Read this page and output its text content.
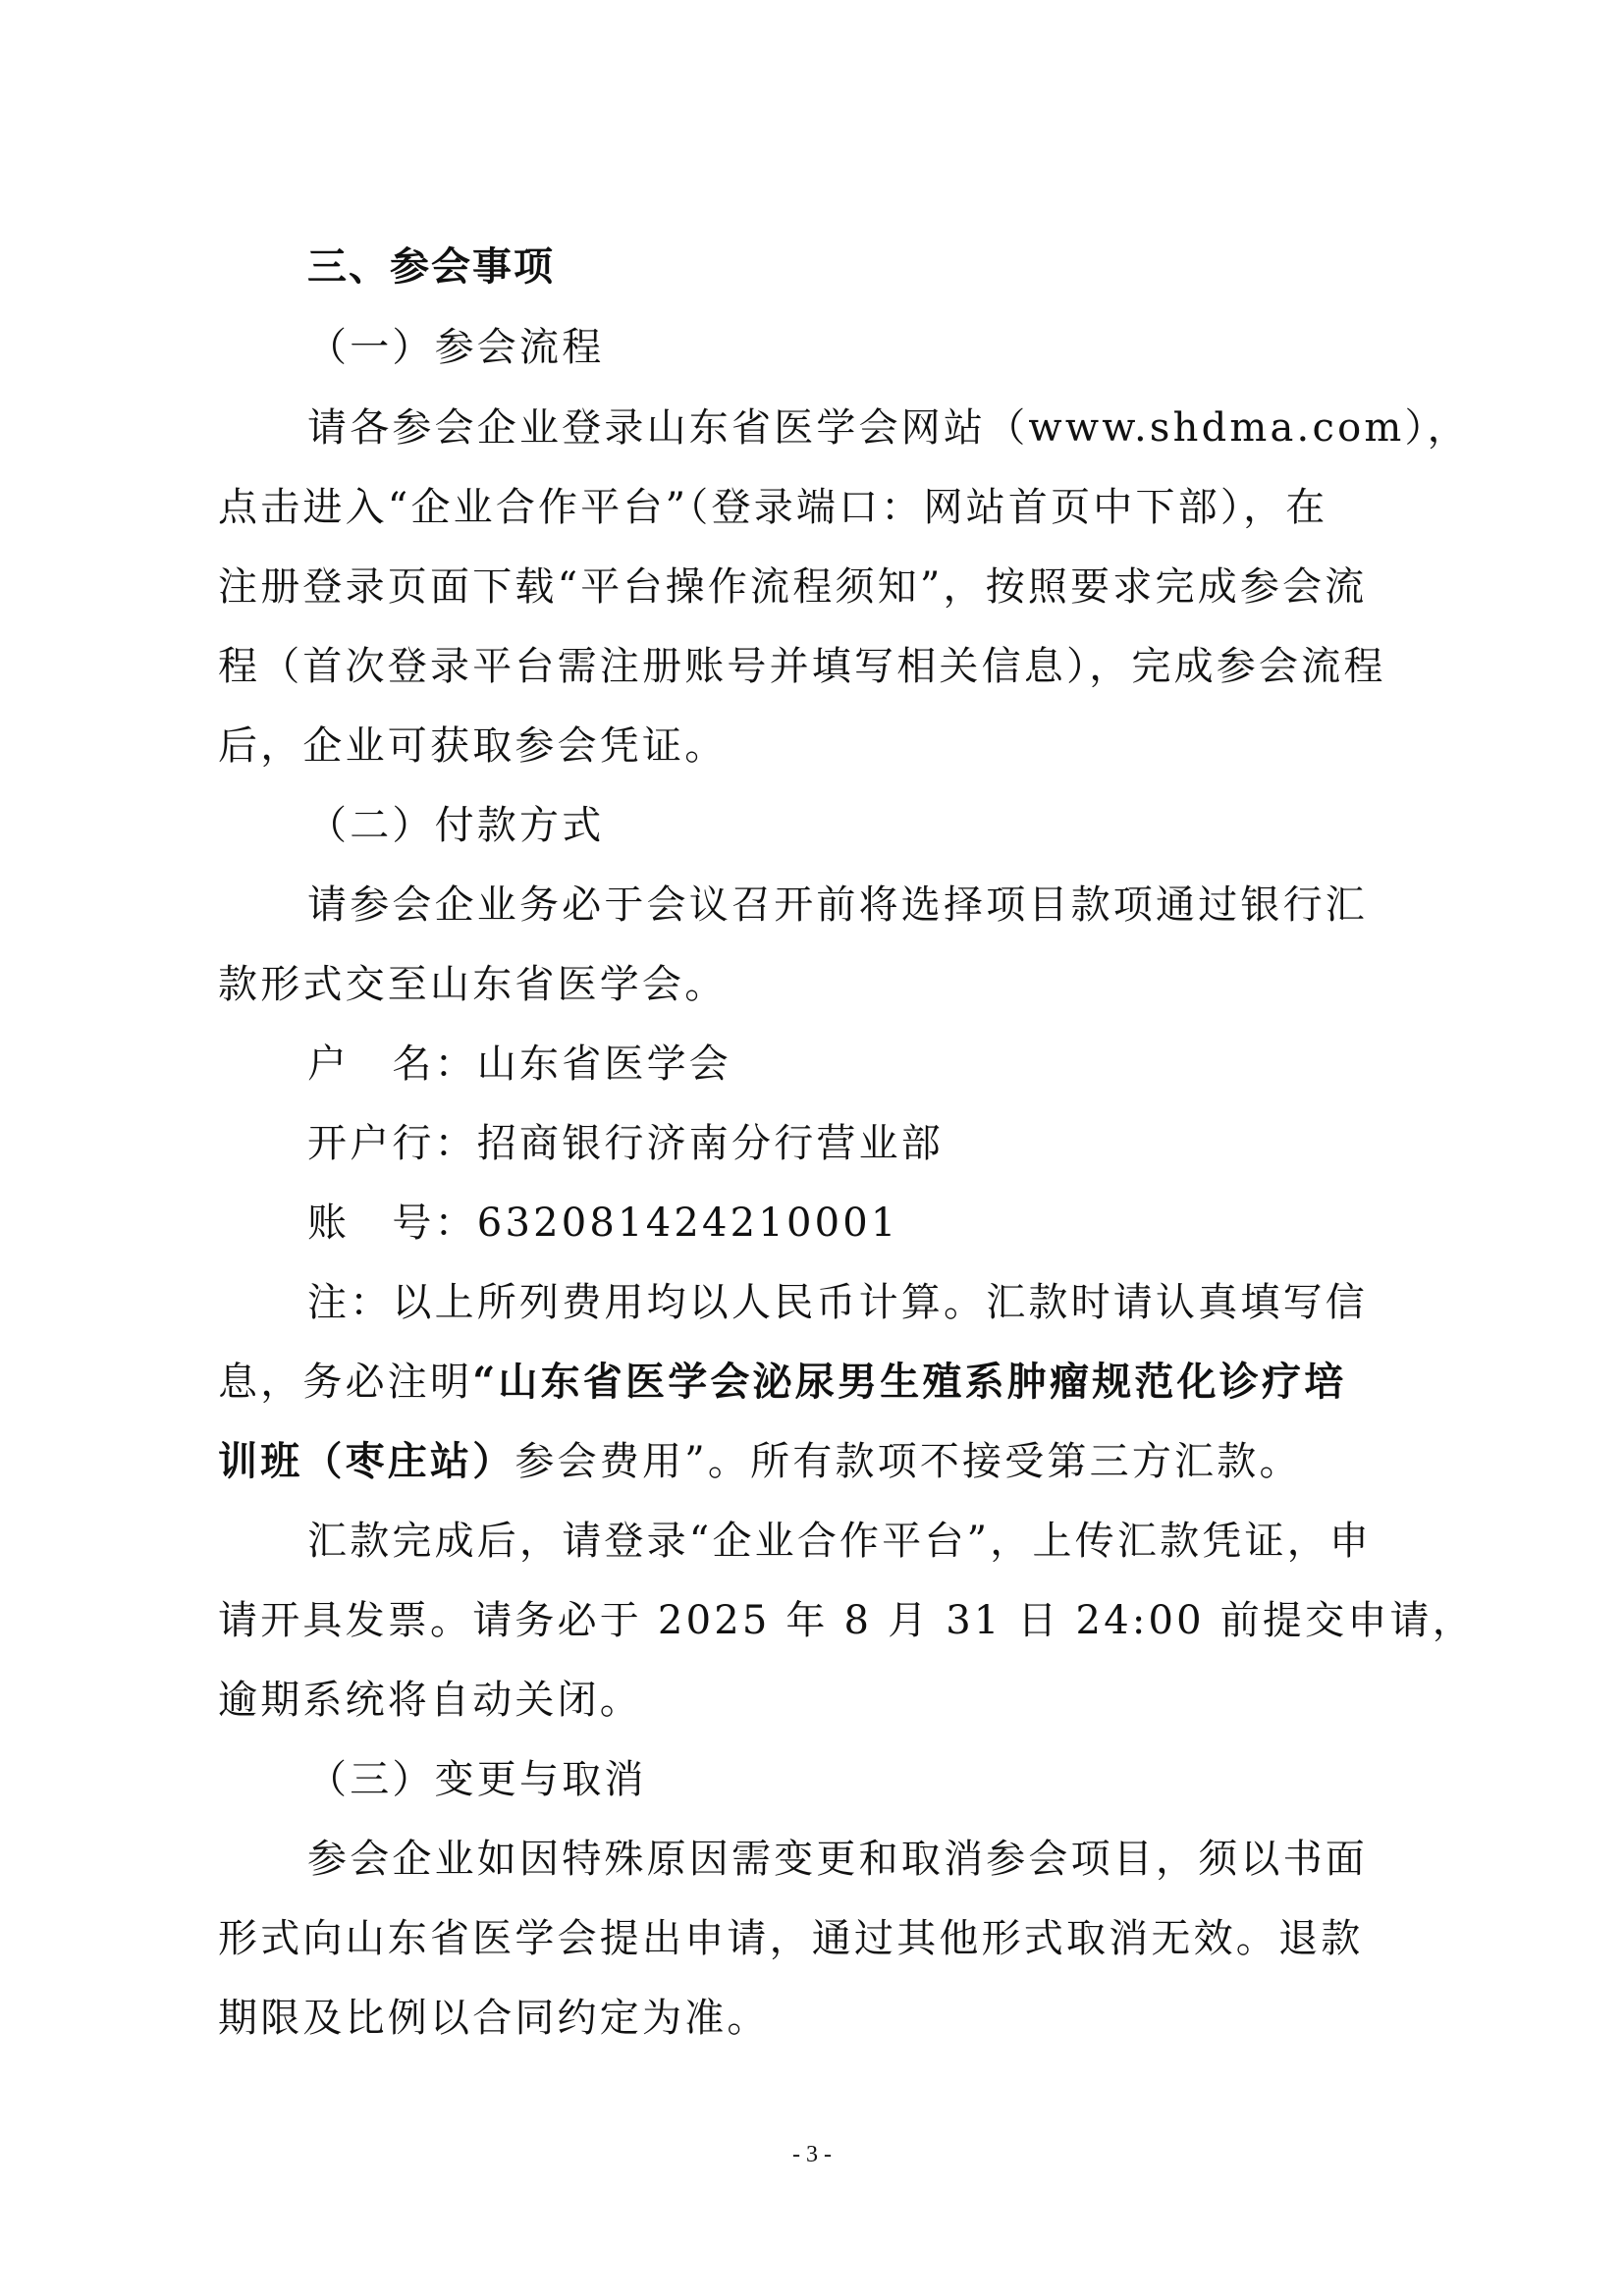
三、参会事项
（一）参会流程
请各参会企业登录山东省医学会网站（www.shdma.com），
点击进入“企业合作平台”（登录端口：网站首页中下部），在
注册登录页面下载“平台操作流程须知”，按照要求完成参会流
程（首次登录平台需注册账号并填写相关信息），完成参会流程
后，企业可获取参会凭证。
（二）付款方式
请参会企业务必于会议召开前将选择项目款项通过银行汇
款形式交至山东省医学会。
户　名：山东省医学会
开户行：招商银行济南分行营业部
账　号：632081424210001
注：以上所列费用均以人民币计算。汇款时请认真填写信
息，务必注明“山东省医学会泌尿男生殖系肿瘤规范化诊疗培
训班（枣庄站）参会费用”。所有款项不接受第三方汇款。
汇款完成后，请登录“企业合作平台”，上传汇款凭证，申
请开具发票。请务必于 2025 年 8 月 31 日 24:00 前提交申请，
逾期系统将自动关闭。
（三）变更与取消
参会企业如因特殊原因需变更和取消参会项目，须以书面
形式向山东省医学会提出申请，通过其他形式取消无效。退款
期限及比例以合同约定为准。
- 3 -
